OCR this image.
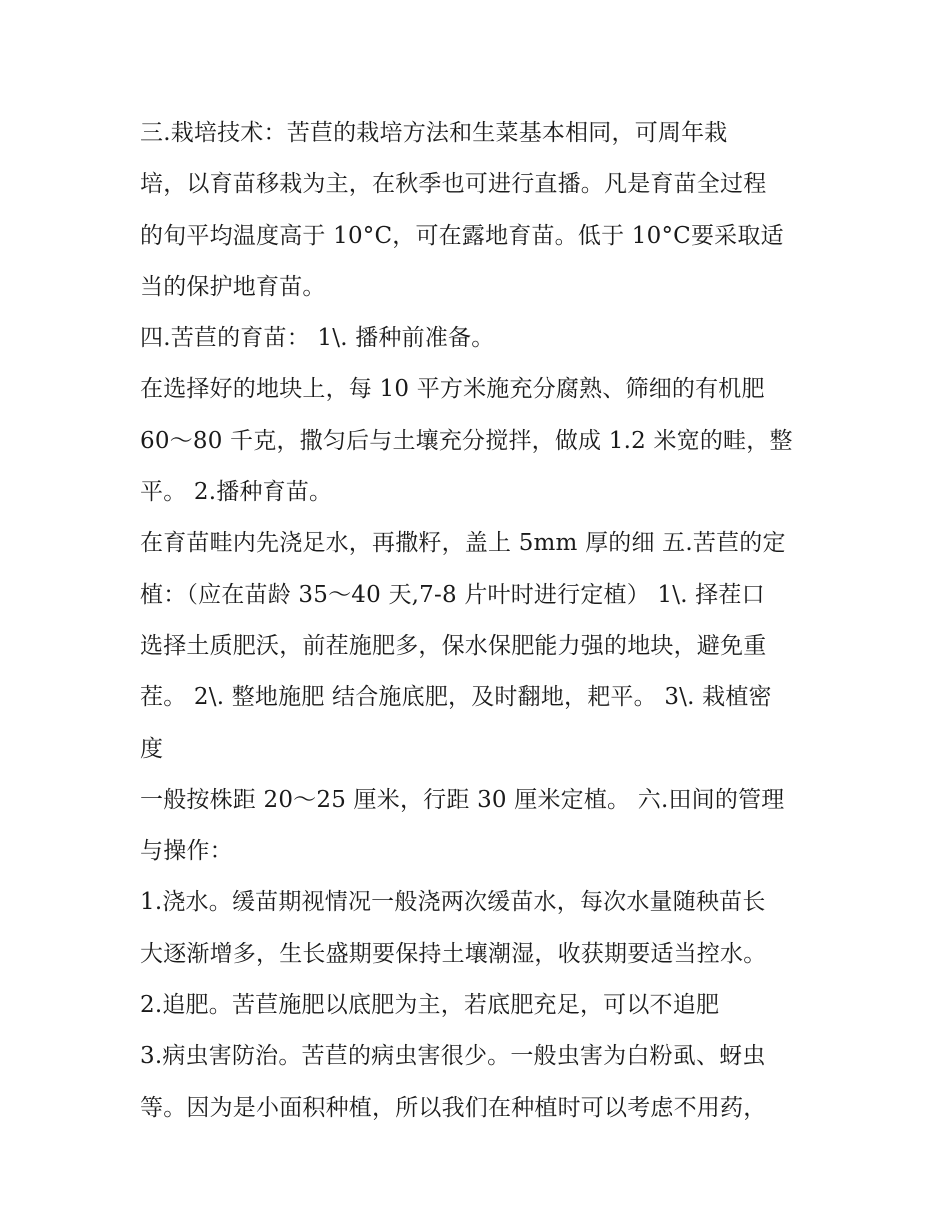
三.栽培技术：苦苣的栽培方法和生菜基本相同，可周年栽
培，以育苗移栽为主，在秋季也可进行直播。凡是育苗全过程
的旬平均温度高于 10°C，可在露地育苗。低于 10°C要采取适
当的保护地育苗。
四.苦苣的育苗： 1\. 播种前准备。
在选择好的地块上，每 10 平方米施充分腐熟、筛细的有机肥
60～80 千克，撒匀后与土壤充分搅拌，做成 1.2 米宽的畦，整
平。 2.播种育苗。
在育苗畦内先浇足水，再撒籽，盖上 5mm 厚的细 五.苦苣的定
植：（应在苗龄 35～40 天,7-8 片叶时进行定植） 1\. 择茬口
选择土质肥沃，前茬施肥多，保水保肥能力强的地块，避免重
茬。 2\. 整地施肥 结合施底肥，及时翻地，耙平。 3\. 栽植密
度
一般按株距 20～25 厘米，行距 30 厘米定植。 六.田间的管理
与操作：
1.浇水。缓苗期视情况一般浇两次缓苗水，每次水量随秧苗长
大逐渐增多，生长盛期要保持土壤潮湿，收获期要适当控水。
2.追肥。苦苣施肥以底肥为主，若底肥充足，可以不追肥
3.病虫害防治。苦苣的病虫害很少。一般虫害为白粉虱、蚜虫
等。因为是小面积种植，所以我们在种植时可以考虑不用药，
